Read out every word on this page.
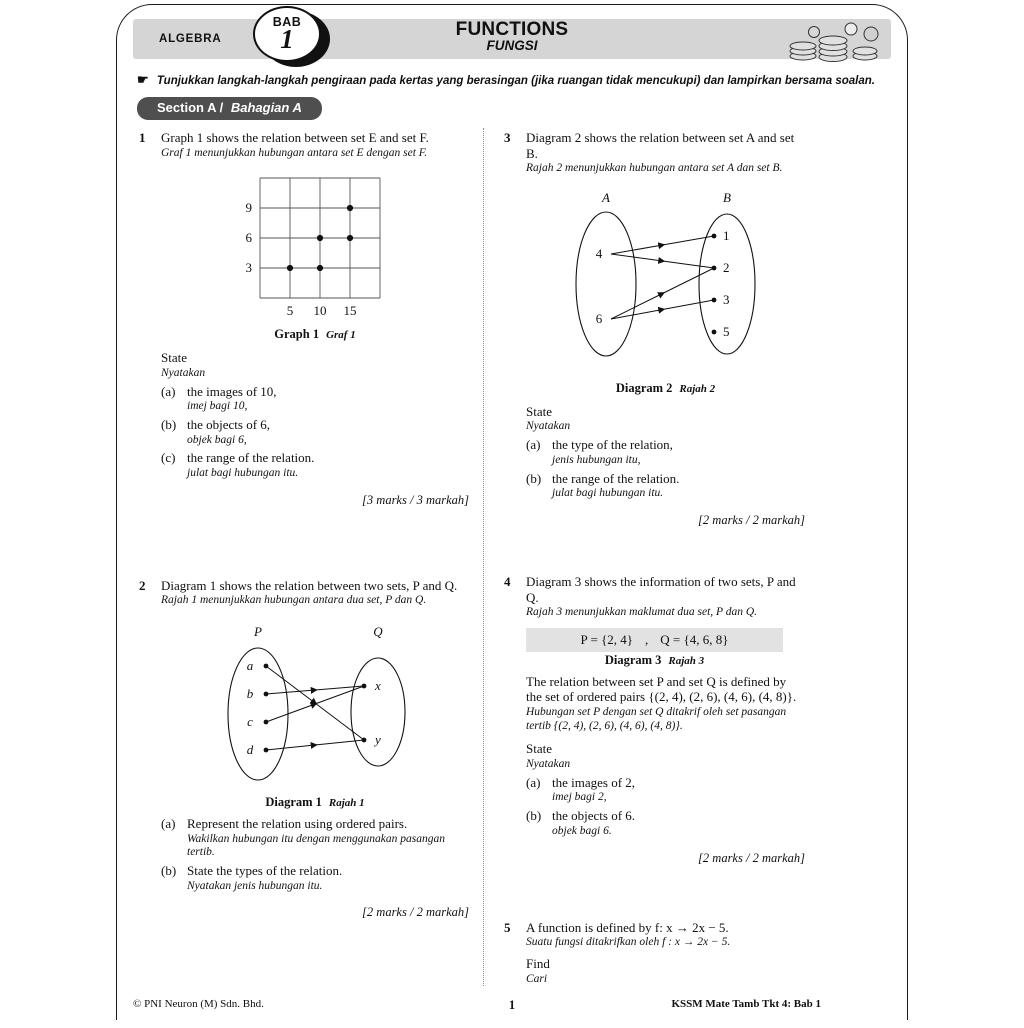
ALGEBRA
BAB
1	FUNCTIONS
FUNGSI
☛ Tunjukkan langkah-langkah pengiraan pada kertas yang berasingan (jika ruangan tidak mencukupi) dan lampirkan bersama soalan.
Section A / Bahagian A
1	Graph 1 shows the relation between set E and set F.
Graf 1 menunjukkan hubungan antara set E dengan set F.
9
6
3
5 10 15
Graph 1 Graf 1
State
Nyatakan
(a) the images of 10,
imej bagi 10,
(b) the objects of 6,
objek bagi 6,
(c) the range of the relation.
julat bagi hubungan itu.
[3 marks / 3 markah]
2	Diagram 1 shows the relation between two sets, P and Q.
Rajah 1 menunjukkan hubungan antara dua set, P dan Q.
P	Q
a
b
c
d
x
y
Diagram 1 Rajah 1
(a) Represent the relation using ordered pairs.
Wakilkan hubungan itu dengan menggunakan pasangan tertib.
(b) State the types of the relation.
Nyatakan jenis hubungan itu.
[2 marks / 2 markah]
3	Diagram 2 shows the relation between set A and set B.
Rajah 2 menunjukkan hubungan antara set A dan set B.
A	B
4
6
1
2
3
5
Diagram 2 Rajah 2
State
Nyatakan
(a) the type of the relation,
jenis hubungan itu,
(b) the range of the relation.
julat bagi hubungan itu.
[2 marks / 2 markah]
4	Diagram 3 shows the information of two sets, P and Q.
Rajah 3 menunjukkan maklumat dua set, P dan Q.
P = {2, 4} , Q = {4, 6, 8}
Diagram 3 Rajah 3
The relation between set P and set Q is defined by the set of ordered pairs {(2, 4), (2, 6), (4, 6), (4, 8)}.
Hubungan set P dengan set Q ditakrif oleh set pasangan tertib {(2, 4), (2, 6), (4, 6), (4, 8)}.
State
Nyatakan
(a) the images of 2,
imej bagi 2,
(b) the objects of 6.
objek bagi 6.
[2 marks / 2 markah]
5	A function is defined by f: x → 2x − 5.
Suatu fungsi ditakrifkan oleh f : x → 2x − 5.
Find
Cari
© PNI Neuron (M) Sdn. Bhd.	1	KSSM Mate Tamb Tkt 4: Bab 1
